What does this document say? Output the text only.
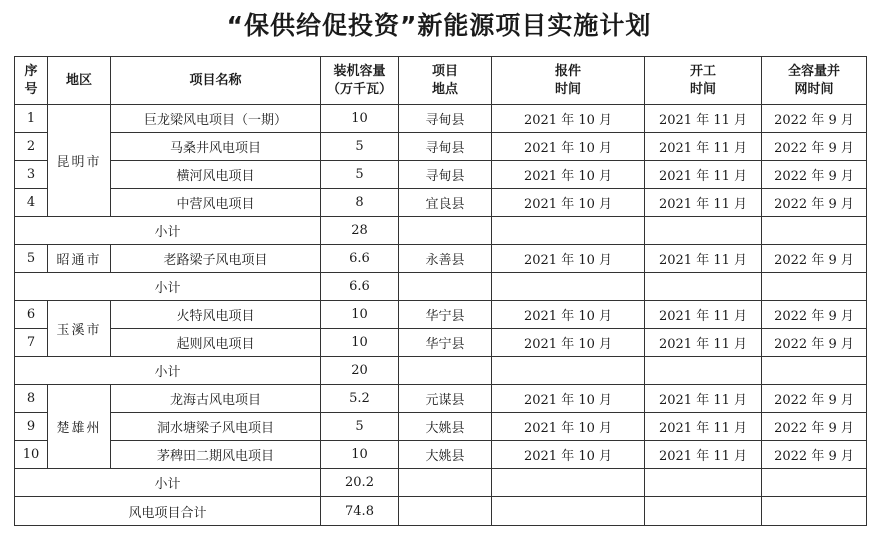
“保供给促投资”新能源项目实施计划
序号	地区	项目名称	装机容量（万千瓦）	项目地点	报件时间	开工时间	全容量并网时间

1	昆明市	巨龙梁风电项目（一期）	10	寻甸县	2021 年 10 月	2021 年 11 月	2022 年 9 月
2		马桑井风电项目	5	寻甸县	2021 年 10 月	2021 年 11 月	2022 年 9 月
3		横河风电项目	5	寻甸县	2021 年 10 月	2021 年 11 月	2022 年 9 月
4		中营风电项目	8	宜良县	2021 年 10 月	2021 年 11 月	2022 年 9 月
小计			28				
5	昭通市	老路梁子风电项目	6.6	永善县	2021 年 10 月	2021 年 11 月	2022 年 9 月
小计			6.6				
6	玉溪市	火特风电项目	10	华宁县	2021 年 10 月	2021 年 11 月	2022 年 9 月
7		起则风电项目	10	华宁县	2021 年 10 月	2021 年 11 月	2022 年 9 月
小计			20				
8	楚雄州	龙海古风电项目	5.2	元谋县	2021 年 10 月	2021 年 11 月	2022 年 9 月
9		洞水塘梁子风电项目	5	大姚县	2021 年 10 月	2021 年 11 月	2022 年 9 月
10		茅稗田二期风电项目	10	大姚县	2021 年 10 月	2021 年 11 月	2022 年 9 月
小计			20.2				
风电项目合计			74.8				
